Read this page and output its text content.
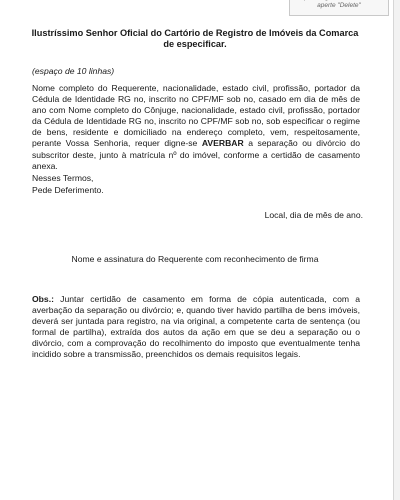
aperte "Delete"
Ilustríssimo Senhor Oficial do Cartório de Registro de Imóveis da Comarca
de especificar.
(espaço de 10 linhas)
Nome completo do Requerente, nacionalidade, estado civil, profissão, portador da Cédula de Identidade RG no, inscrito no CPF/MF sob no, casado em dia de mês de ano com Nome completo do Cônjuge, nacionalidade, estado civil, profissão, portador da Cédula de Identidade RG no, inscrito no CPF/MF sob no, sob especificar o regime de bens, residente e domiciliado na endereço completo, vem, respeitosamente, perante Vossa Senhoria, requer digne-se AVERBAR a separação ou divórcio do subscritor deste, junto à matrícula nº do imóvel, conforme a certidão de casamento anexa.
Nesses Termos,
Pede Deferimento.
Local, dia de mês de ano.
Nome e assinatura do Requerente com reconhecimento de firma
Obs.: Juntar certidão de casamento em forma de cópia autenticada, com a averbação da separação ou divórcio; e, quando tiver havido partilha de bens imóveis, deverá ser juntada para registro, na via original, a competente carta de sentença (ou formal de partilha), extraída dos autos da ação em que se deu a separação ou o divórcio, com a comprovação do recolhimento do imposto que eventualmente tenha incidido sobre a transmissão, preenchidos os demais requisitos legais.
